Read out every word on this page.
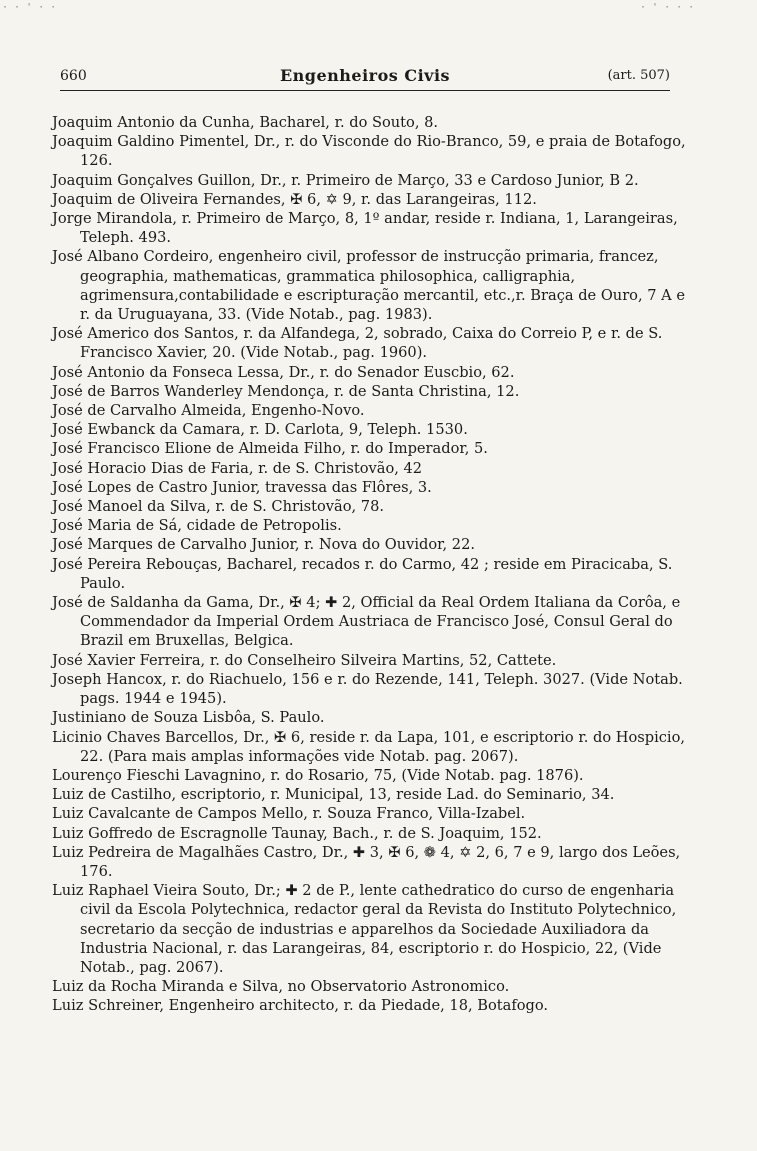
· · ' · ·	· ' · · ·
660	Engenheiros Civis	(art. 507)

Joaquim Antonio da Cunha, Bacharel, r. do Souto, 8.

Joaquim Galdino Pimentel, Dr., r. do Visconde do Rio-Branco, 59, e praia de Botafogo, 126.

Joaquim Gonçalves Guillon, Dr., r. Primeiro de Março, 33 e Cardoso Junior, B 2.

Joaquim de Oliveira Fernandes, ✠ 6, ✡ 9, r. das Larangeiras, 112.

Jorge Mirandola, r. Primeiro de Março, 8, 1º andar, reside r. Indiana, 1, Larangeiras, Teleph. 493.

José Albano Cordeiro, engenheiro civil, professor de instrucção primaria, francez, geographia, mathematicas, grammatica philosophica, calligraphia, agrimensura,contabilidade e escripturação mercantil, etc.,r. Braça de Ouro, 7 A e r. da Uruguayana, 33. (Vide Notab., pag. 1983).

José Americo dos Santos, r. da Alfandega, 2, sobrado, Caixa do Correio P, e r. de S. Francisco Xavier, 20. (Vide Notab., pag. 1960).

José Antonio da Fonseca Lessa, Dr., r. do Senador Euscbio, 62.

José de Barros Wanderley Mendonça, r. de Santa Christina, 12.

José de Carvalho Almeida, Engenho-Novo.

José Ewbanck da Camara, r. D. Carlota, 9, Teleph. 1530.

José Francisco Elione de Almeida Filho, r. do Imperador, 5.

José Horacio Dias de Faria, r. de S. Christovão, 42

José Lopes de Castro Junior, travessa das Flôres, 3.

José Manoel da Silva, r. de S. Christovão, 78.

José Maria de Sá, cidade de Petropolis.

José Marques de Carvalho Junior, r. Nova do Ouvidor, 22.

José Pereira Rebouças, Bacharel, recados r. do Carmo, 42 ; reside em Piracicaba, S. Paulo.

José de Saldanha da Gama, Dr., ✠ 4; ✚ 2, Official da Real Ordem Italiana da Corôa, e Commendador da Imperial Ordem Austriaca de Francisco José, Consul Geral do Brazil em Bruxellas, Belgica.

José Xavier Ferreira, r. do Conselheiro Silveira Martins, 52, Cattete.

Joseph Hancox, r. do Riachuelo, 156 e r. do Rezende, 141, Teleph. 3027. (Vide Notab. pags. 1944 e 1945).

Justiniano de Souza Lisbôa, S. Paulo.

Licinio Chaves Barcellos, Dr., ✠ 6, reside r. da Lapa, 101, e escriptorio r. do Hospicio, 22. (Para mais amplas informações vide Notab. pag. 2067).

Lourenço Fieschi Lavagnino, r. do Rosario, 75, (Vide Notab. pag. 1876).

Luiz de Castilho, escriptorio, r. Municipal, 13, reside Lad. do Seminario, 34.

Luiz Cavalcante de Campos Mello, r. Souza Franco, Villa-Izabel.

Luiz Goffredo de Escragnolle Taunay, Bach., r. de S. Joaquim, 152.

Luiz Pedreira de Magalhães Castro, Dr., ✚ 3, ✠ 6, ❁ 4, ✡ 2, 6, 7 e 9, largo dos Leões, 176.

Luiz Raphael Vieira Souto, Dr.; ✚ 2 de P., lente cathedratico do curso de engenharia civil da Escola Polytechnica, redactor geral da Revista do Instituto Polytechnico, secretario da secção de industrias e apparelhos da Sociedade Auxiliadora da Industria Nacional, r. das Larangeiras, 84, escriptorio r. do Hospicio, 22, (Vide Notab., pag. 2067).

Luiz da Rocha Miranda e Silva, no Observatorio Astronomico.

Luiz Schreiner, Engenheiro architecto, r. da Piedade, 18, Botafogo.
